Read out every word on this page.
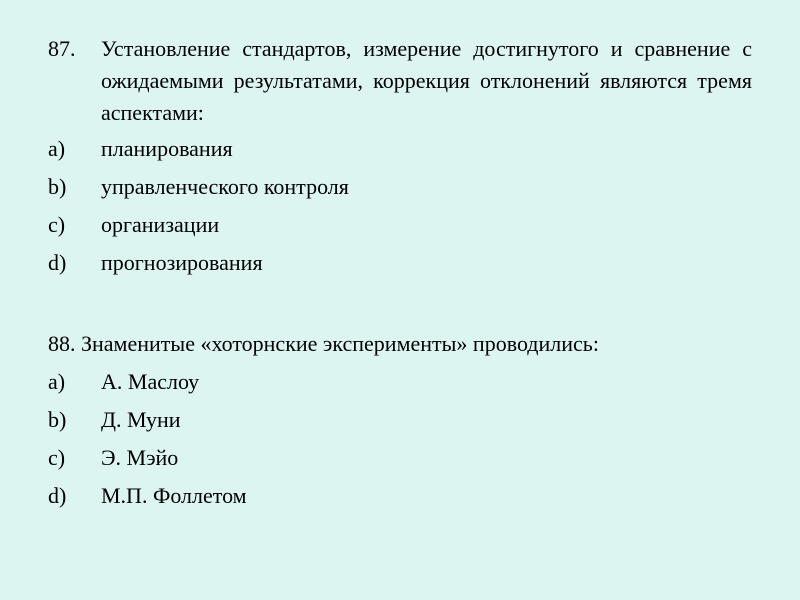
87.	Установление стандартов, измерение достигнутого и сравнение с ожидаемыми результатами, коррекция отклонений являются тремя аспектами:
a)	планирования
b)	управленческого контроля
c)	организации
d)	прогнозирования
88.
Знаменитые «хоторнские эксперименты» проводились:
a)	А. Маслоу
b)	Д. Муни
c)	Э. Мэйо
d)	М.П. Фоллетом
